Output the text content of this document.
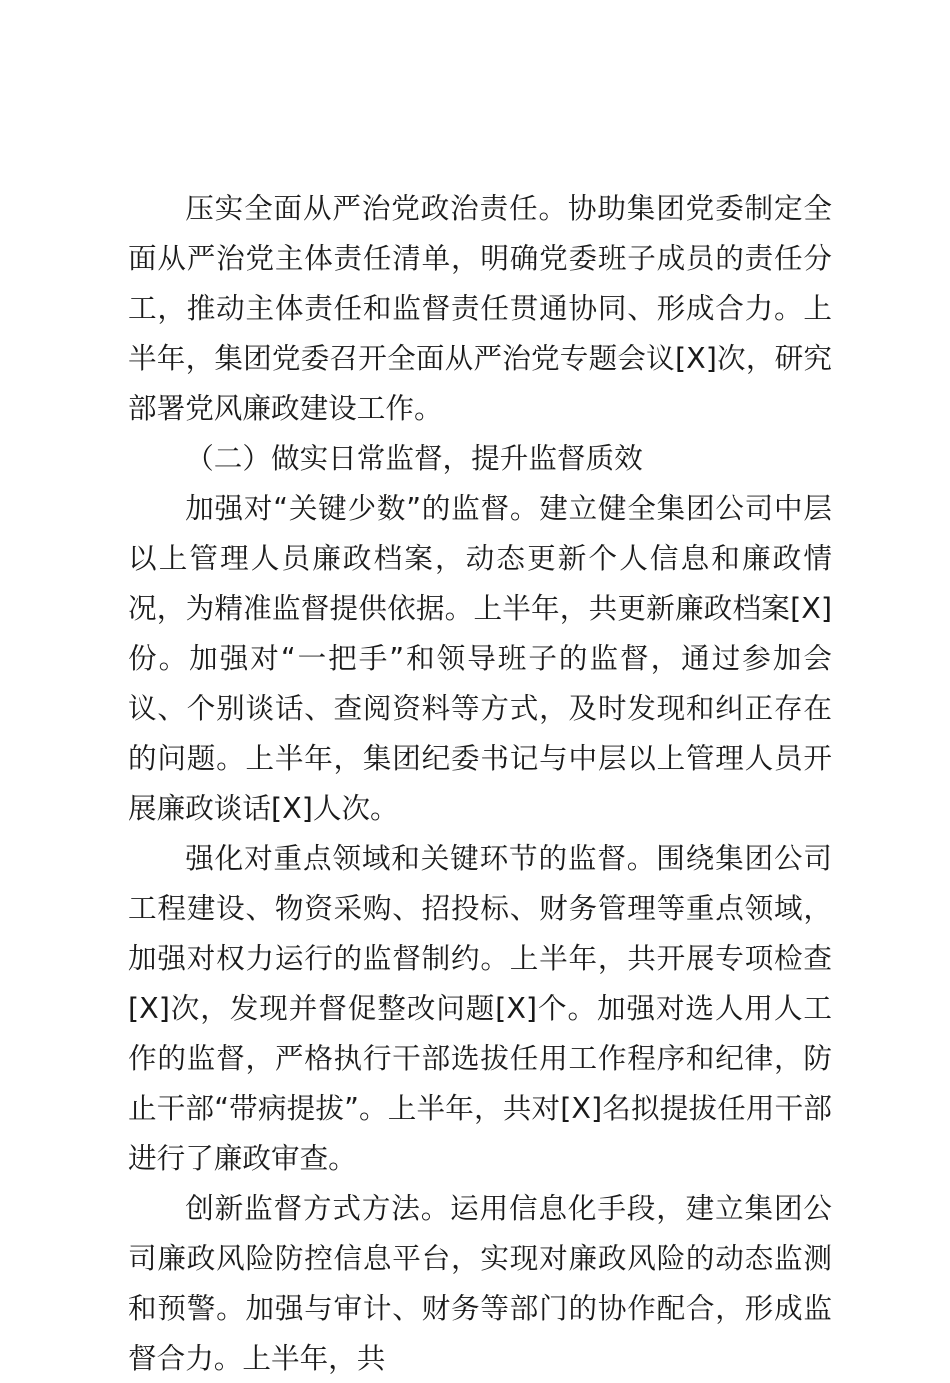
压实全面从严治党政治责任。协助集团党委制定全面从严治党主体责任清单，明确党委班子成员的责任分工，推动主体责任和监督责任贯通协同、形成合力。上半年，集团党委召开全面从严治党专题会议[X]次，研究部署党风廉政建设工作。

（二）做实日常监督，提升监督质效

加强对“关键少数”的监督。建立健全集团公司中层以上管理人员廉政档案，动态更新个人信息和廉政情况，为精准监督提供依据。上半年，共更新廉政档案[X]份。加强对“一把手”和领导班子的监督，通过参加会议、个别谈话、查阅资料等方式，及时发现和纠正存在的问题。上半年，集团纪委书记与中层以上管理人员开展廉政谈话[X]人次。

强化对重点领域和关键环节的监督。围绕集团公司工程建设、物资采购、招投标、财务管理等重点领域，加强对权力运行的监督制约。上半年，共开展专项检查[X]次，发现并督促整改问题[X]个。加强对选人用人工作的监督，严格执行干部选拔任用工作程序和纪律，防止干部“带病提拔”。上半年，共对[X]名拟提拔任用干部进行了廉政审查。

创新监督方式方法。运用信息化手段，建立集团公司廉政风险防控信息平台，实现对廉政风险的动态监测和预警。加强与审计、财务等部门的协作配合，形成监督合力。上半年，共
